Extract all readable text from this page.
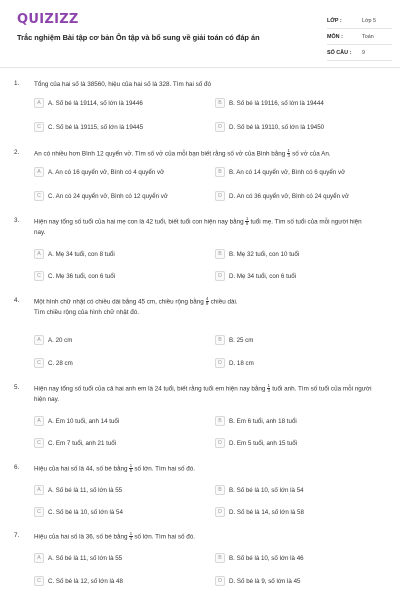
QUIZIZZ
Trắc nghiệm Bài tập cơ bản Ôn tập và bổ sung về giải toán có đáp án
LỚP :	Lớp 5
MÔN :	Toán
SỐ CÂU :	9
1. Tổng của hai số là 38560, hiệu của hai số là 328. Tìm hai số đó
A	A. Số bé là 19114, số lớn là 19446	B	B. Số bé là 19116, số lớn là 19444
C	C. Số bé là 19115, số lớn là 19445	D	D. Số bé là 19110, số lớn là 19450
2. An có nhiều hơn Bình 12 quyển vở. Tìm số vở của mỗi bạn biết rằng số vở của Bình bằng $\frac{1}{3}$ số vở của An.
A	A. An có 16 quyển vở, Bình có 4 quyển vở	B	B. An có 14 quyển vở, Bình có 6 quyển vở
C	C. An có 24 quyển vở, Bình có 12 quyển vở	D	D. An có 36 quyển vở, Bình có 24 quyển vở
3. Hiện nay tổng số tuổi của hai mẹ con là 42 tuổi, biết tuổi con hiện nay bằng $\frac{1}{6}$ tuổi mẹ. Tìm số tuổi của mỗi người hiện nay.
A	A. Mẹ 34 tuổi, con 8 tuổi	B	B. Mẹ 32 tuổi, con 10 tuổi
C	C. Mẹ 36 tuổi, con 6 tuổi	D	D. Mẹ 34 tuổi, con 6 tuổi
4. Một hình chữ nhật có chiều dài bằng 45 cm, chiều rộng bằng $\frac{4}{9}$ chiều dài.
Tìm chiều rộng của hình chữ nhật đó.
A	A. 20 cm	B	B. 25 cm
C	C. 28 cm	D	D. 18 cm
5. Hiện nay tổng số tuổi của cả hai anh em là 24 tuổi, biết rằng tuổi em hiện nay bằng $\frac{1}{3}$ tuổi anh. Tìm số tuổi của mỗi người hiện nay.
A	A. Em 10 tuổi, anh 14 tuổi	B	B. Em 6 tuổi, anh 18 tuổi
C	C. Em 7 tuổi, anh 21 tuổi	D	D. Em 5 tuổi, anh 15 tuổi
6. Hiệu của hai số là 44, số bé bằng $\frac{1}{5}$ số lớn. Tìm hai số đó.
A	A. Số bé là 11, số lớn là 55	B	B. Số bé là 10, số lớn là 54
C	C. Số bé là 10, số lớn là 54	D	D. Số bé là 14, số lớn là 58
7. Hiệu của hai số là 36, số bé bằng $\frac{1}{4}$ số lớn. Tìm hai số đó.
A	A. Số bé là 11, số lớn là 55	B	B. Số bé là 10, số lớn là 46
C	C. Số bé là 12, số lớn là 48	D	D. Số bé là 9, số lớn là 45
